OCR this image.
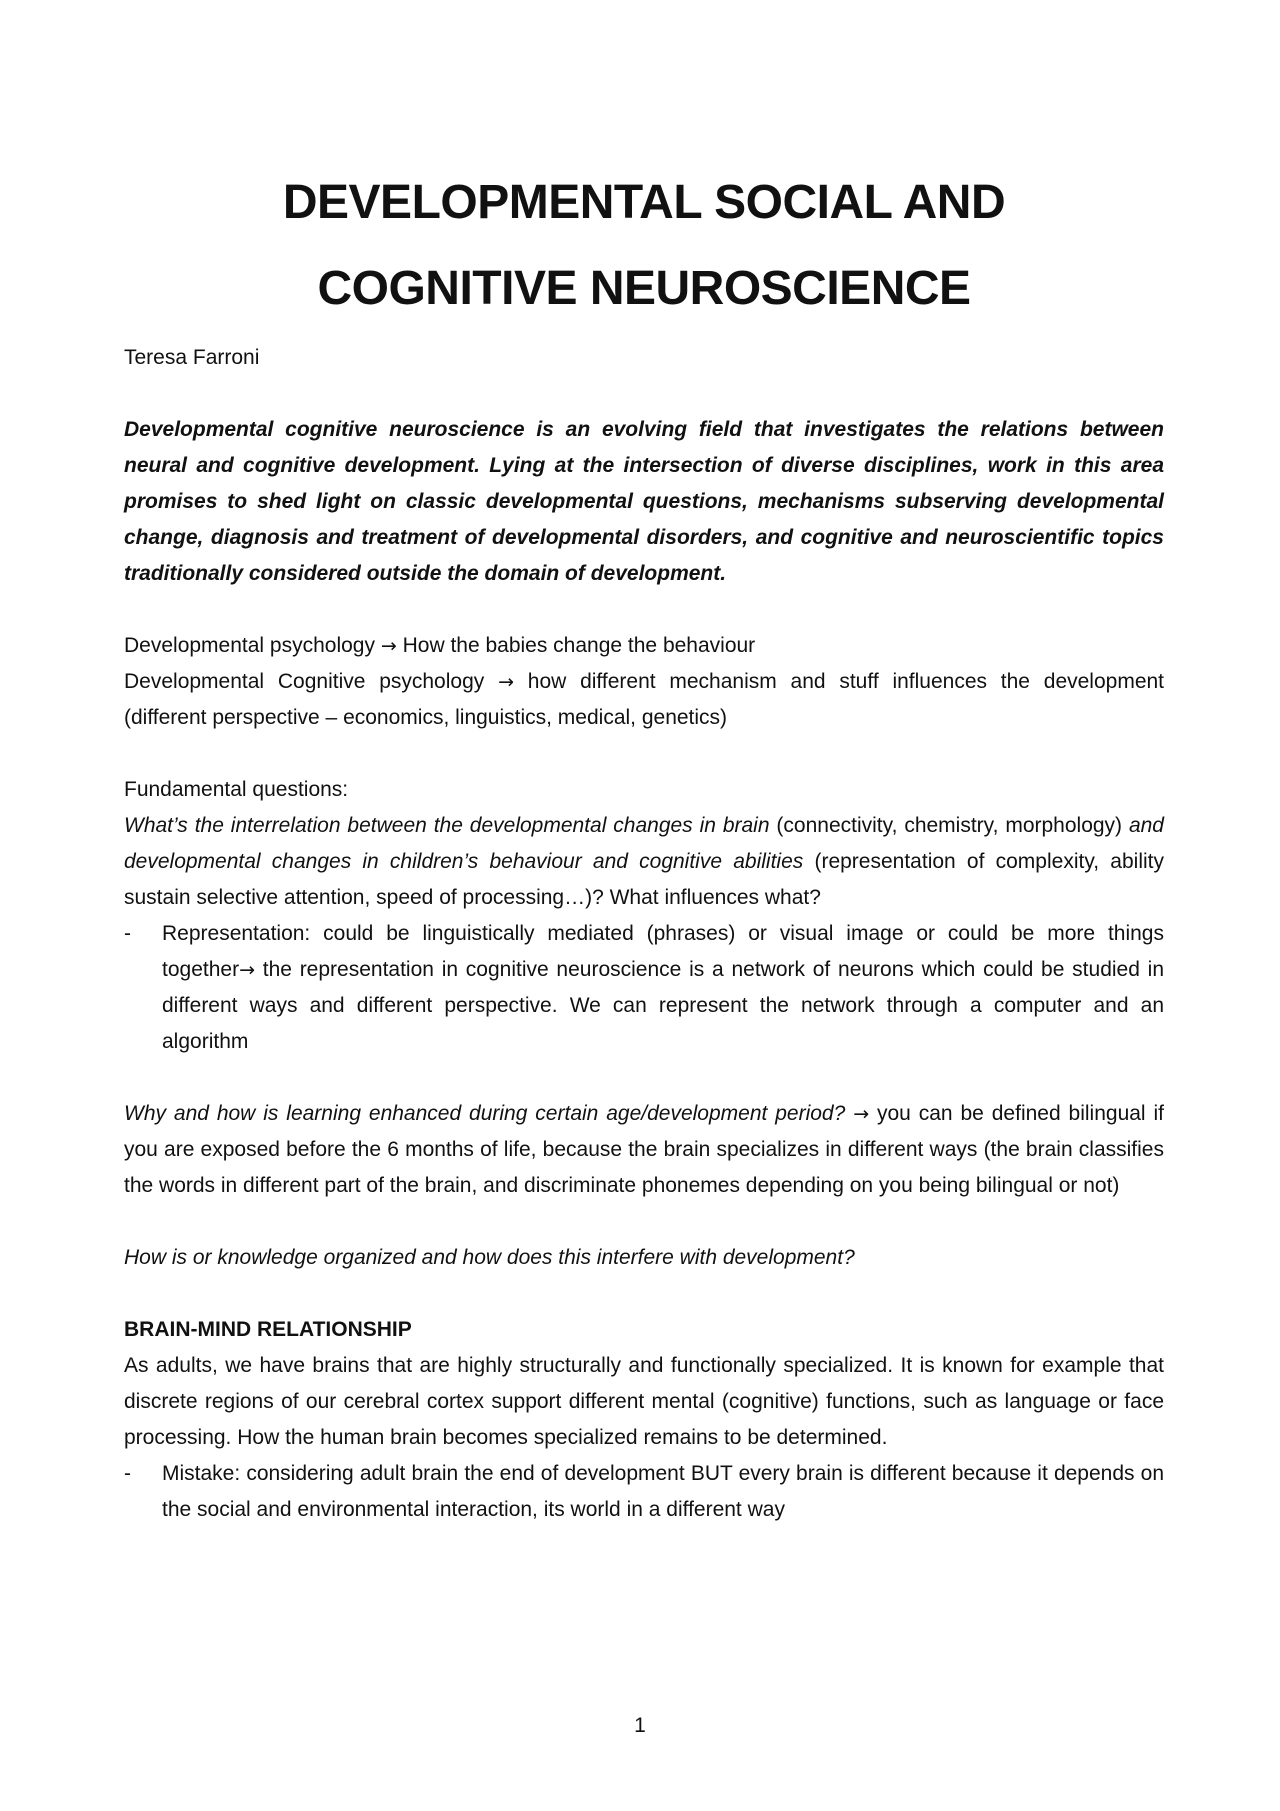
DEVELOPMENTAL SOCIAL AND
COGNITIVE NEUROSCIENCE

Teresa Farroni

Developmental cognitive neuroscience is an evolving field that investigates the relations between neural and cognitive development. Lying at the intersection of diverse disciplines, work in this area promises to shed light on classic developmental questions, mechanisms subserving developmental change, diagnosis and treatment of developmental disorders, and cognitive and neuroscientific topics traditionally considered outside the domain of development.

Developmental psychology → How the babies change the behaviour

Developmental Cognitive psychology → how different mechanism and stuff influences the development (different perspective – economics, linguistics, medical, genetics)

Fundamental questions:

What’s the interrelation between the developmental changes in brain (connectivity, chemistry, morphology) and developmental changes in children’s behaviour and cognitive abilities (representation of complexity, ability sustain selective attention, speed of processing…)? What influences what?

- Representation: could be linguistically mediated (phrases) or visual image or could be more things together→ the representation in cognitive neuroscience is a network of neurons which could be studied in different ways and different perspective. We can represent the network through a computer and an algorithm

Why and how is learning enhanced during certain age/development period? → you can be defined bilingual if you are exposed before the 6 months of life, because the brain specializes in different ways (the brain classifies the words in different part of the brain, and discriminate phonemes depending on you being bilingual or not)

How is or knowledge organized and how does this interfere with development?

BRAIN-MIND RELATIONSHIP

As adults, we have brains that are highly structurally and functionally specialized. It is known for example that discrete regions of our cerebral cortex support different mental (cognitive) functions, such as language or face processing. How the human brain becomes specialized remains to be determined.

- Mistake: considering adult brain the end of development BUT every brain is different because it depends on the social and environmental interaction, its world in a different way
1
